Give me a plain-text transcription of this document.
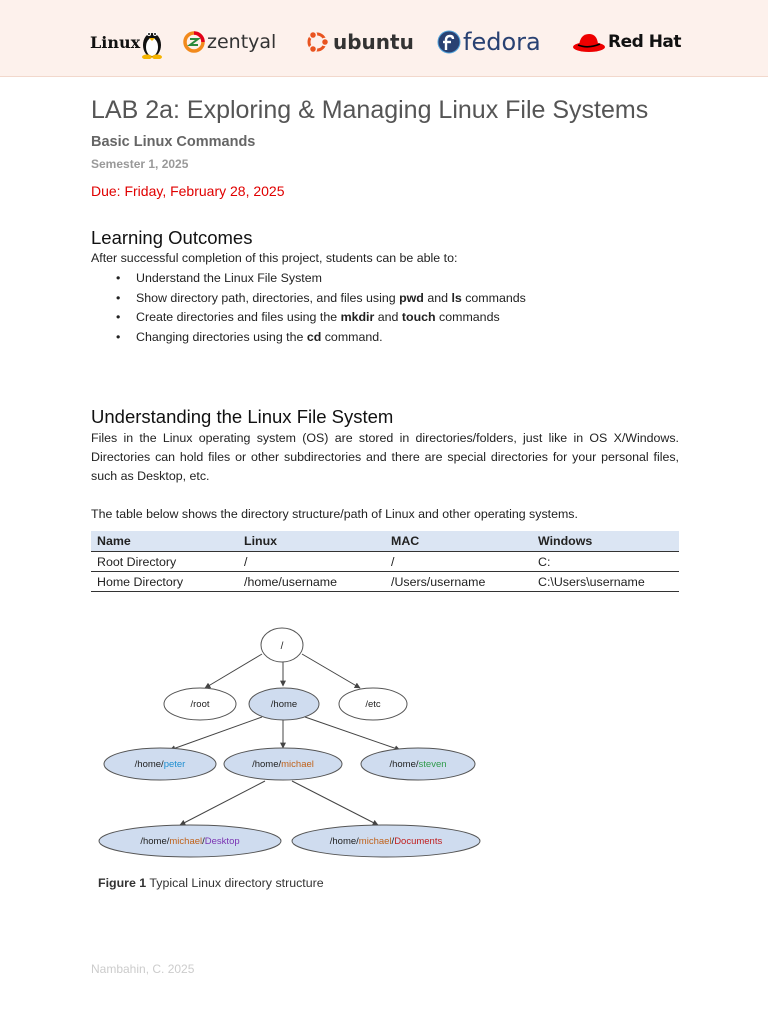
Linux	zentyal	ubuntu fedora	Red Hat
LAB 2a: Exploring & Managing Linux File Systems
Basic Linux Commands
Semester 1, 2025
Due: Friday, February 28, 2025
Learning Outcomes
After successful completion of this project, students can be able to:
• Understand the Linux File System
• Show directory path, directories, and files using pwd and ls commands
• Create directories and files using the mkdir and touch commands
• Changing directories using the cd command.
Understanding the Linux File System
Files in the Linux operating system (OS) are stored in directories/folders, just like in OS X/Windows.
Directories can hold files or other subdirectories and there are special directories for your personal files,
such as Desktop, etc.
The table below shows the directory structure/path of Linux and other operating systems.
Name	Linux	MAC	Windows
Root Directory	/	/	C:
Home Directory	/home/username	/Users/username	C:\Users\username
/
/root	/home	/etc
/home/peter	/home/michael	/home/steven
/home/michael/Desktop	/home/michael/Documents
Figure 1 Typical Linux directory structure
Nambahin, C. 2025
